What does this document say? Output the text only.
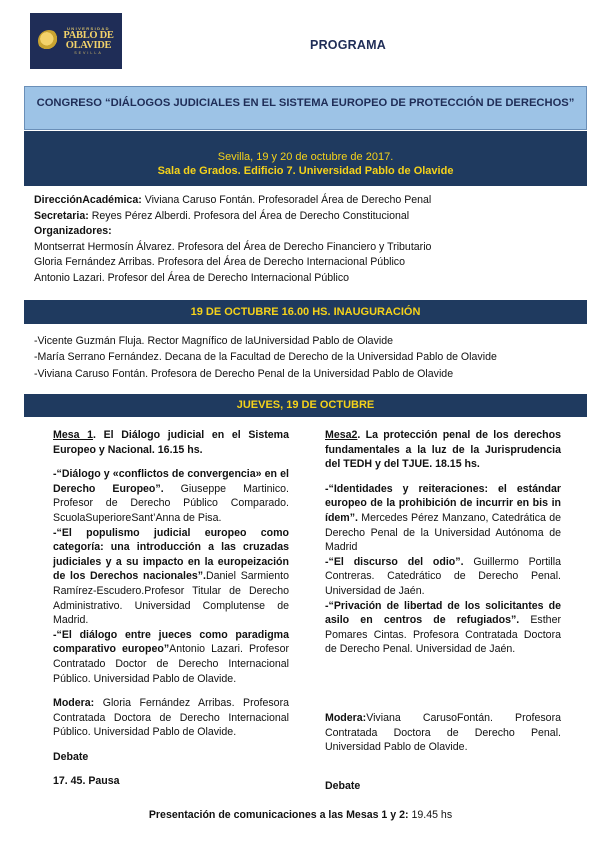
UNIVERSIDAD
PABLO DE
OLAVIDE
SEVILLA
PROGRAMA
CONGRESO “DIÁLOGOS JUDICIALES EN EL SISTEMA EUROPEO DE PROTECCIÓN DE DERECHOS”
Sevilla, 19 y 20 de octubre de 2017.
Sala de Grados. Edificio 7. Universidad Pablo de Olavide
DirecciónAcadémica: Viviana Caruso Fontán. Profesoradel Área de Derecho Penal
Secretaria: Reyes Pérez Alberdi. Profesora del Área de Derecho Constitucional
Organizadores:
Montserrat Hermosín Álvarez. Profesora del Área de Derecho Financiero y Tributario
Gloria Fernández Arribas. Profesora del Área de Derecho Internacional Público
Antonio Lazari. Profesor del Área de Derecho Internacional Público
19 DE OCTUBRE 16.00 HS. INAUGURACIÓN
-Vicente Guzmán Fluja. Rector Magnífico de laUniversidad Pablo de Olavide
-María Serrano Fernández. Decana de la Facultad de Derecho de la Universidad Pablo de Olavide
-Viviana Caruso Fontán. Profesora de Derecho Penal de la Universidad Pablo de Olavide
JUEVES, 19 DE OCTUBRE

Mesa 1. El Diálogo judicial en el Sistema Europeo y Nacional. 16.15 hs.

-“Diálogo y «conflictos de convergencia» en el Derecho Europeo”. Giuseppe Martinico. Profesor de Derecho Público Comparado. ScuolaSuperioreSant’Anna de Pisa.

-“El populismo judicial europeo como categoría: una introducción a las cruzadas judiciales y a su impacto en la europeización de los Derechos nacionales”.Daniel Sarmiento Ramírez-Escudero.Profesor Titular de Derecho Administrativo. Universidad Complutense de Madrid.

-“El diálogo entre jueces como paradigma comparativo europeo”Antonio Lazari. Profesor Contratado Doctor de Derecho Internacional Público. Universidad Pablo de Olavide.

Modera: Gloria Fernández Arribas. Profesora Contratada Doctora de Derecho Internacional Público. Universidad Pablo de Olavide.

Debate

17. 45. Pausa

Mesa2. La protección penal de los derechos fundamentales a la luz de la Jurisprudencia del TEDH y del TJUE. 18.15 hs.

-“Identidades y reiteraciones: el estándar europeo de la prohibición de incurrir en bis in ídem”. Mercedes Pérez Manzano, Catedrática de Derecho Penal de la Universidad Autónoma de Madrid

-“El discurso del odio”. Guillermo Portilla Contreras. Catedrático de Derecho Penal. Universidad de Jaén.

-“Privación de libertad de los solicitantes de asilo en centros de refugiados”. Esther Pomares Cintas. Profesora Contratada Doctora de Derecho Penal. Universidad de Jaén.

Modera:Viviana CarusoFontán. Profesora Contratada Doctora de Derecho Penal. Universidad Pablo de Olavide.

Debate

Presentación de comunicaciones a las Mesas 1 y 2: 19.45 hs
